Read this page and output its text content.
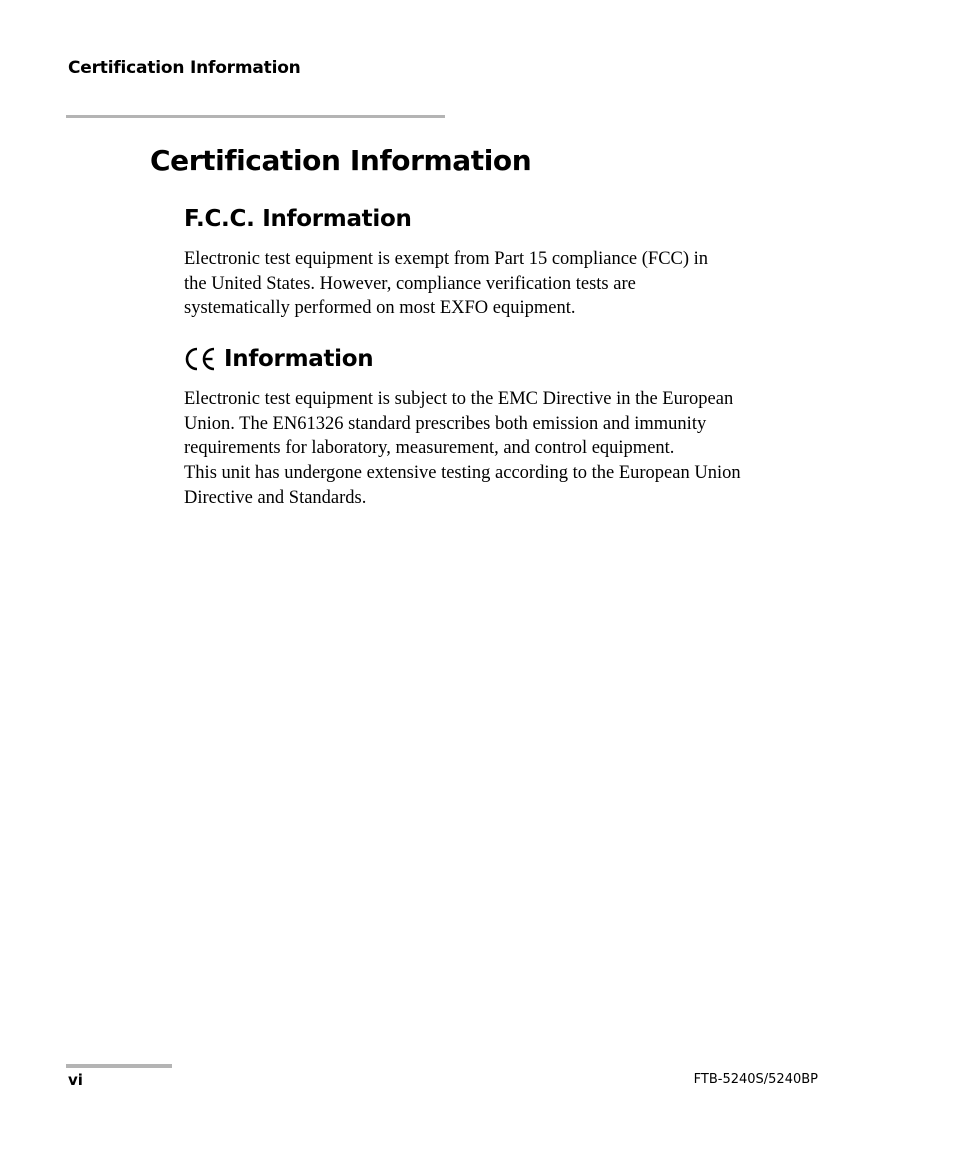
Certification Information
Certification Information
F.C.C. Information

Electronic test equipment is exempt from Part 15 compliance (FCC) in
the United States. However, compliance verification tests are
systematically performed on most EXFO equipment.

Information

Electronic test equipment is subject to the EMC Directive in the European
Union. The EN61326 standard prescribes both emission and immunity
requirements for laboratory, measurement, and control equipment.
This unit has undergone extensive testing according to the European Union
Directive and Standards.

vi	FTB-5240S/5240BP
